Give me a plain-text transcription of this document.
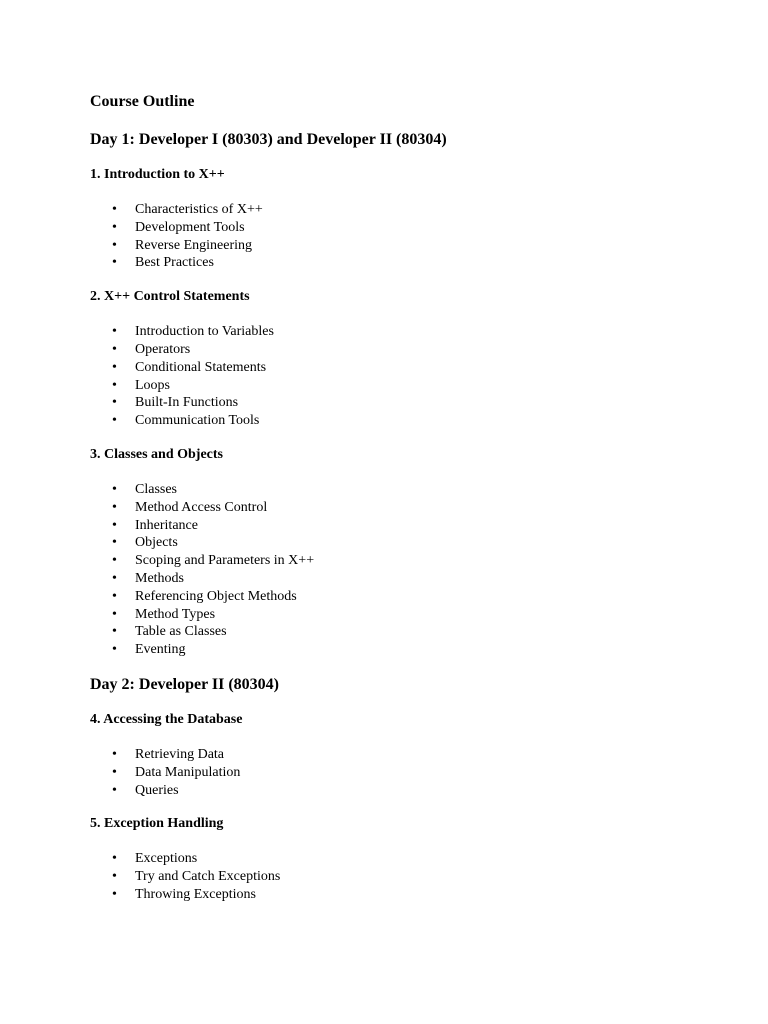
Course Outline
Day 1: Developer I (80303) and Developer II (80304)
1. Introduction to X++
• Characteristics of X++
• Development Tools
• Reverse Engineering
• Best Practices
2. X++ Control Statements
• Introduction to Variables
• Operators
• Conditional Statements
• Loops
• Built-In Functions
• Communication Tools
3. Classes and Objects
• Classes
• Method Access Control
• Inheritance
• Objects
• Scoping and Parameters in X++
• Methods
• Referencing Object Methods
• Method Types
• Table as Classes
• Eventing
Day 2: Developer II (80304)
4. Accessing the Database
• Retrieving Data
• Data Manipulation
• Queries
5. Exception Handling
• Exceptions
• Try and Catch Exceptions
• Throwing Exceptions
